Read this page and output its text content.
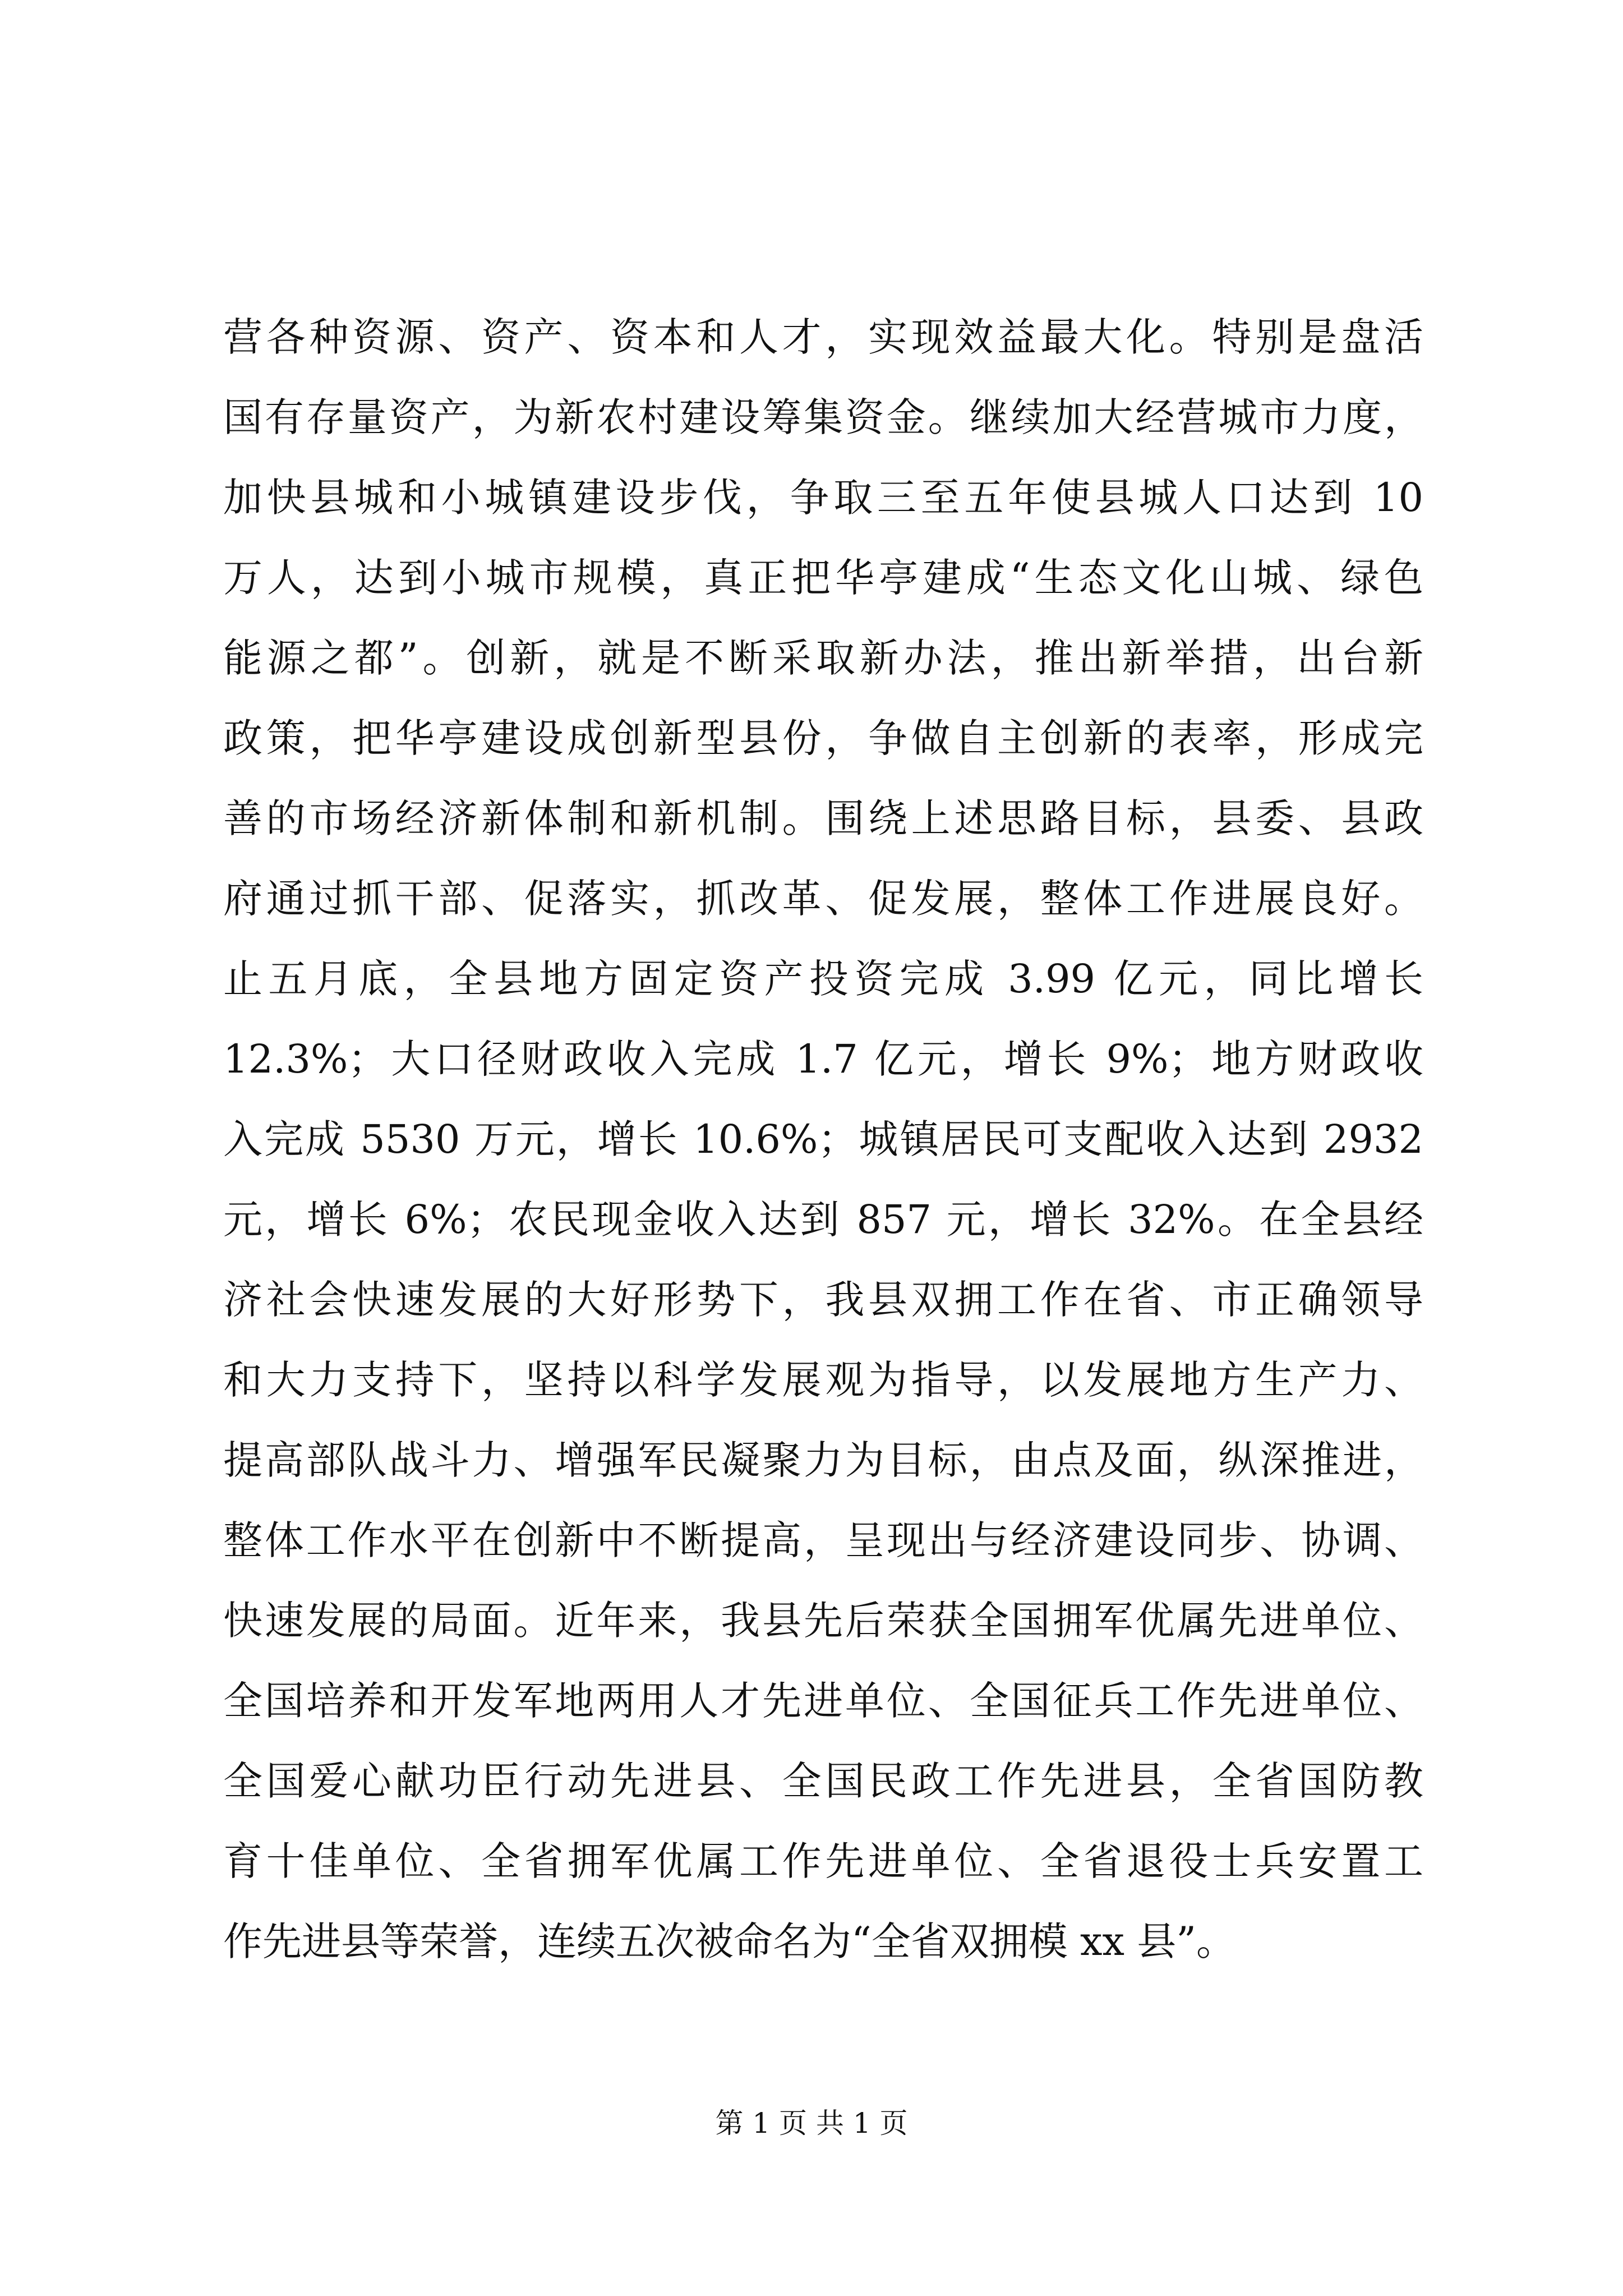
营各种资源、资产、资本和人才，实现效益最大化。特别是盘活
国有存量资产，为新农村建设筹集资金。继续加大经营城市力度，
加快县城和小城镇建设步伐，争取三至五年使县城人口达到 10
万人，达到小城市规模，真正把华亭建成“生态文化山城、绿色
能源之都”。创新，就是不断采取新办法，推出新举措，出台新
政策，把华亭建设成创新型县份，争做自主创新的表率，形成完
善的市场经济新体制和新机制。围绕上述思路目标，县委、县政
府通过抓干部、促落实，抓改革、促发展，整体工作进展良好。
止五月底，全县地方固定资产投资完成 3.99 亿元，同比增长
12.3%；大口径财政收入完成 1.7 亿元，增长 9%；地方财政收
入完成 5530 万元，增长 10.6%；城镇居民可支配收入达到 2932
元，增长 6%；农民现金收入达到 857 元，增长 32%。在全县经
济社会快速发展的大好形势下，我县双拥工作在省、市正确领导
和大力支持下，坚持以科学发展观为指导，以发展地方生产力、
提高部队战斗力、增强军民凝聚力为目标，由点及面，纵深推进，
整体工作水平在创新中不断提高，呈现出与经济建设同步、协调、
快速发展的局面。近年来，我县先后荣获全国拥军优属先进单位、
全国培养和开发军地两用人才先进单位、全国征兵工作先进单位、
全国爱心献功臣行动先进县、全国民政工作先进县，全省国防教
育十佳单位、全省拥军优属工作先进单位、全省退役士兵安置工
作先进县等荣誉，连续五次被命名为“全省双拥模 xx 县”。
第 1 页 共 1 页
